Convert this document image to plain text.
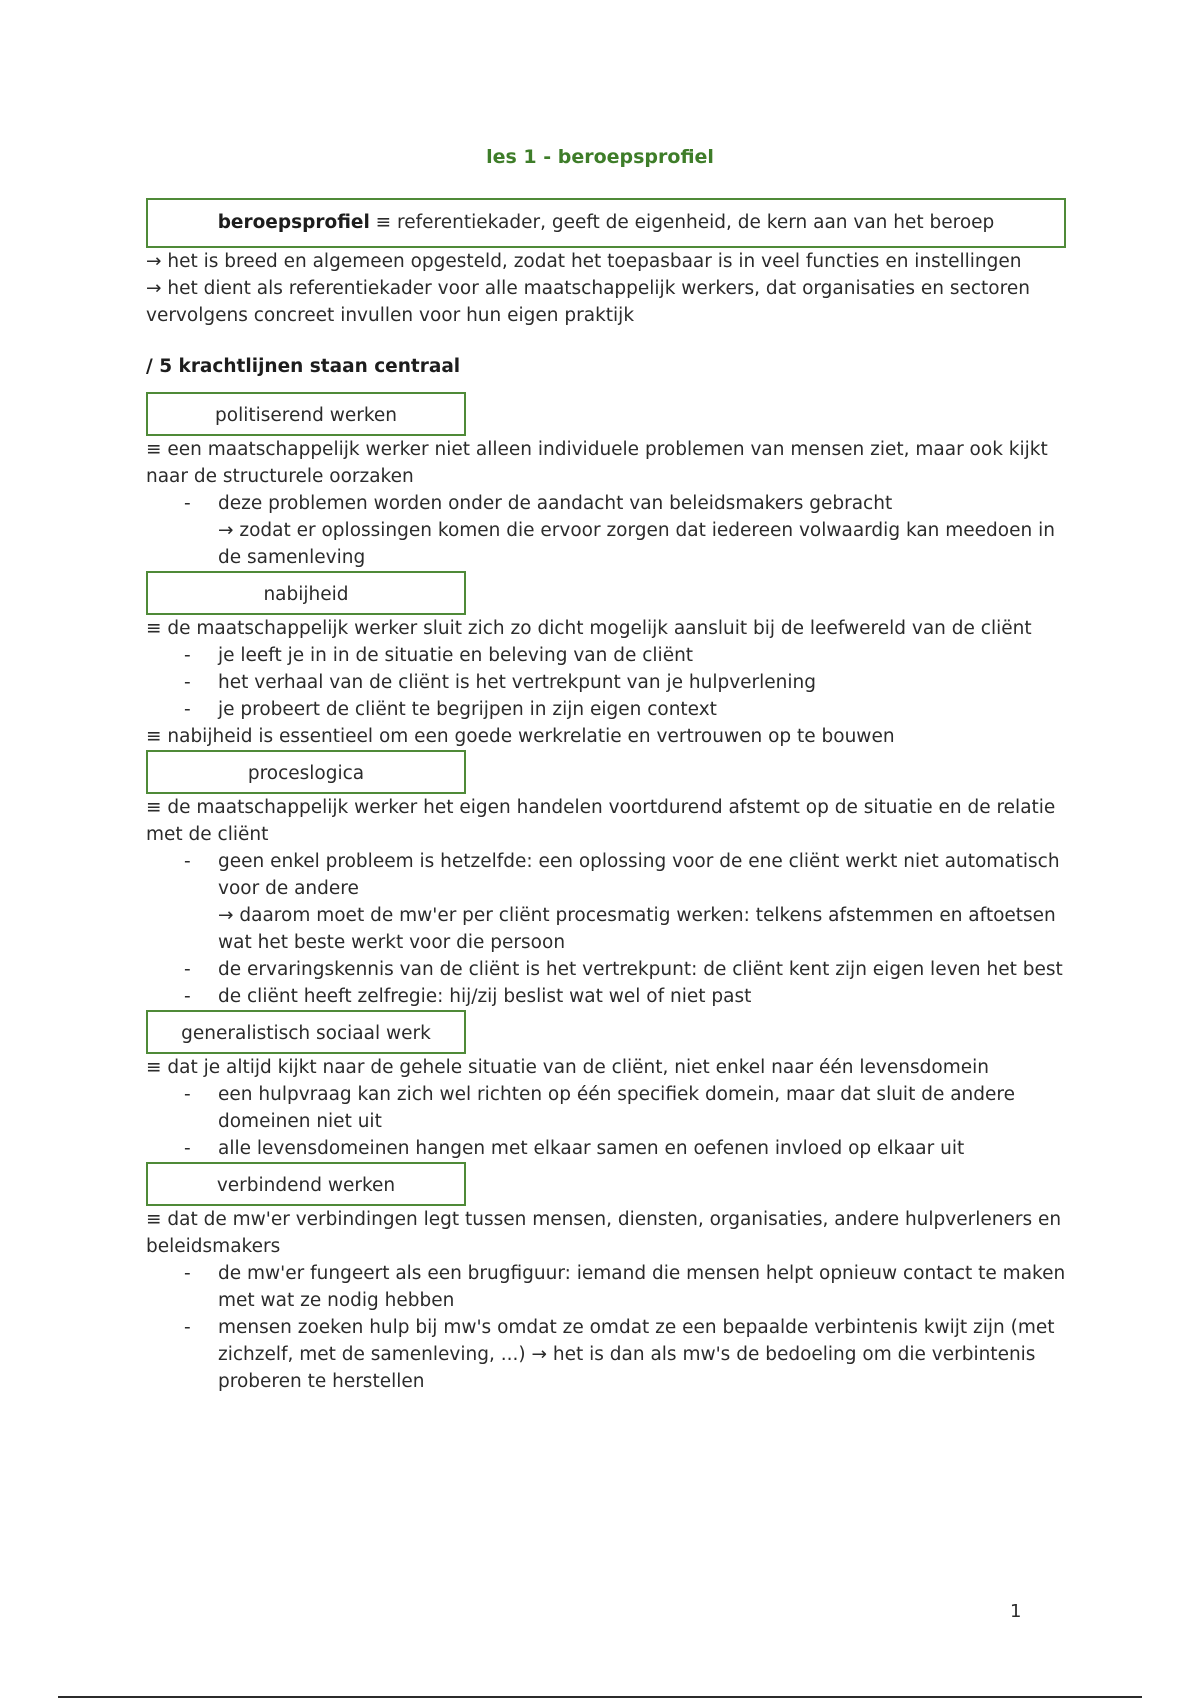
les 1 - beroepsprofiel
beroepsprofiel ≡ referentiekader, geeft de eigenheid, de kern aan van het beroep

→ het is breed en algemeen opgesteld, zodat het toepasbaar is in veel functies en instellingen

→ het dient als referentiekader voor alle maatschappelijk werkers, dat organisaties en sectoren vervolgens concreet invullen voor hun eigen praktijk

/ 5 krachtlijnen staan centraal

politiserend werken

≡ een maatschappelijk werker niet alleen individuele problemen van mensen ziet, maar ook kijkt naar de structurele oorzaken

- deze problemen worden onder de aandacht van beleidsmakers gebracht
→ zodat er oplossingen komen die ervoor zorgen dat iedereen volwaardig kan meedoen in de samenleving
nabijheid

≡ de maatschappelijk werker sluit zich zo dicht mogelijk aansluit bij de leefwereld van de cliënt

- je leeft je in in de situatie en beleving van de cliënt
- het verhaal van de cliënt is het vertrekpunt van je hulpverlening
- je probeert de cliënt te begrijpen in zijn eigen context

≡ nabijheid is essentieel om een goede werkrelatie en vertrouwen op te bouwen

proceslogica

≡ de maatschappelijk werker het eigen handelen voortdurend afstemt op de situatie en de relatie met de cliënt

- geen enkel probleem is hetzelfde: een oplossing voor de ene cliënt werkt niet automatisch voor de andere
→ daarom moet de mw'er per cliënt procesmatig werken: telkens afstemmen en aftoetsen wat het beste werkt voor die persoon
- de ervaringskennis van de cliënt is het vertrekpunt: de cliënt kent zijn eigen leven het best
- de cliënt heeft zelfregie: hij/zij beslist wat wel of niet past
generalistisch sociaal werk

≡ dat je altijd kijkt naar de gehele situatie van de cliënt, niet enkel naar één levensdomein

- een hulpvraag kan zich wel richten op één specifiek domein, maar dat sluit de andere domeinen niet uit
- alle levensdomeinen hangen met elkaar samen en oefenen invloed op elkaar uit
verbindend werken

≡ dat de mw'er verbindingen legt tussen mensen, diensten, organisaties, andere hulpverleners en beleidsmakers

- de mw'er fungeert als een brugfiguur: iemand die mensen helpt opnieuw contact te maken met wat ze nodig hebben
- mensen zoeken hulp bij mw's omdat ze omdat ze een bepaalde verbintenis kwijt zijn (met zichzelf, met de samenleving, ...) → het is dan als mw's de bedoeling om die verbintenis proberen te herstellen
1
